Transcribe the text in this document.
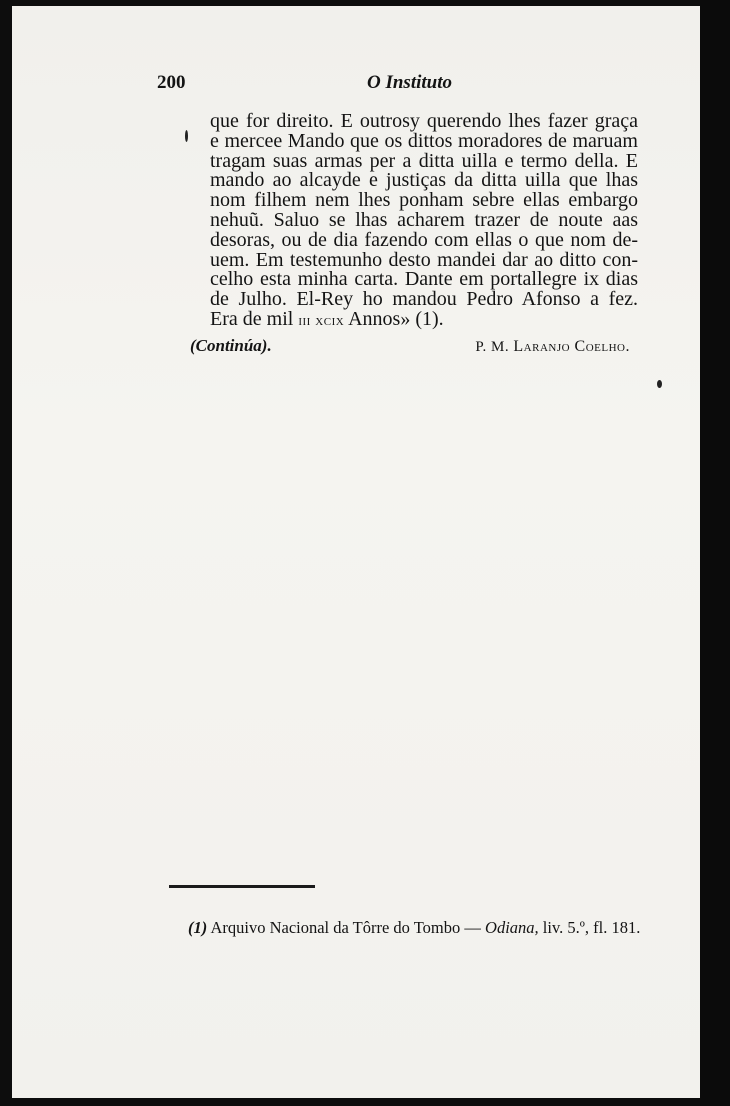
200	O Instituto
que for direito. E outrosy querendo lhes fazer graça
e mercee Mando que os dittos moradores de maruam
tragam suas armas per a ditta uilla e termo della. E
mando ao alcayde e justiças da ditta uilla que lhas
nom filhem nem lhes ponham sebre ellas embargo
nehuũ. Saluo se lhas acharem trazer de noute aas
desoras, ou de dia fazendo com ellas o que nom de-
uem. Em testemunho desto mandei dar ao ditto con-
celho esta minha carta. Dante em portallegre ix dias
de Julho. El-Rey ho mandou Pedro Afonso a fez.
Era de mil iii xcix Annos» (1).
(Continúa).	P. M. Laranjo Coelho.
(1) Arquivo Nacional da Tôrre do Tombo — Odiana, liv. 5.º, fl. 181.
